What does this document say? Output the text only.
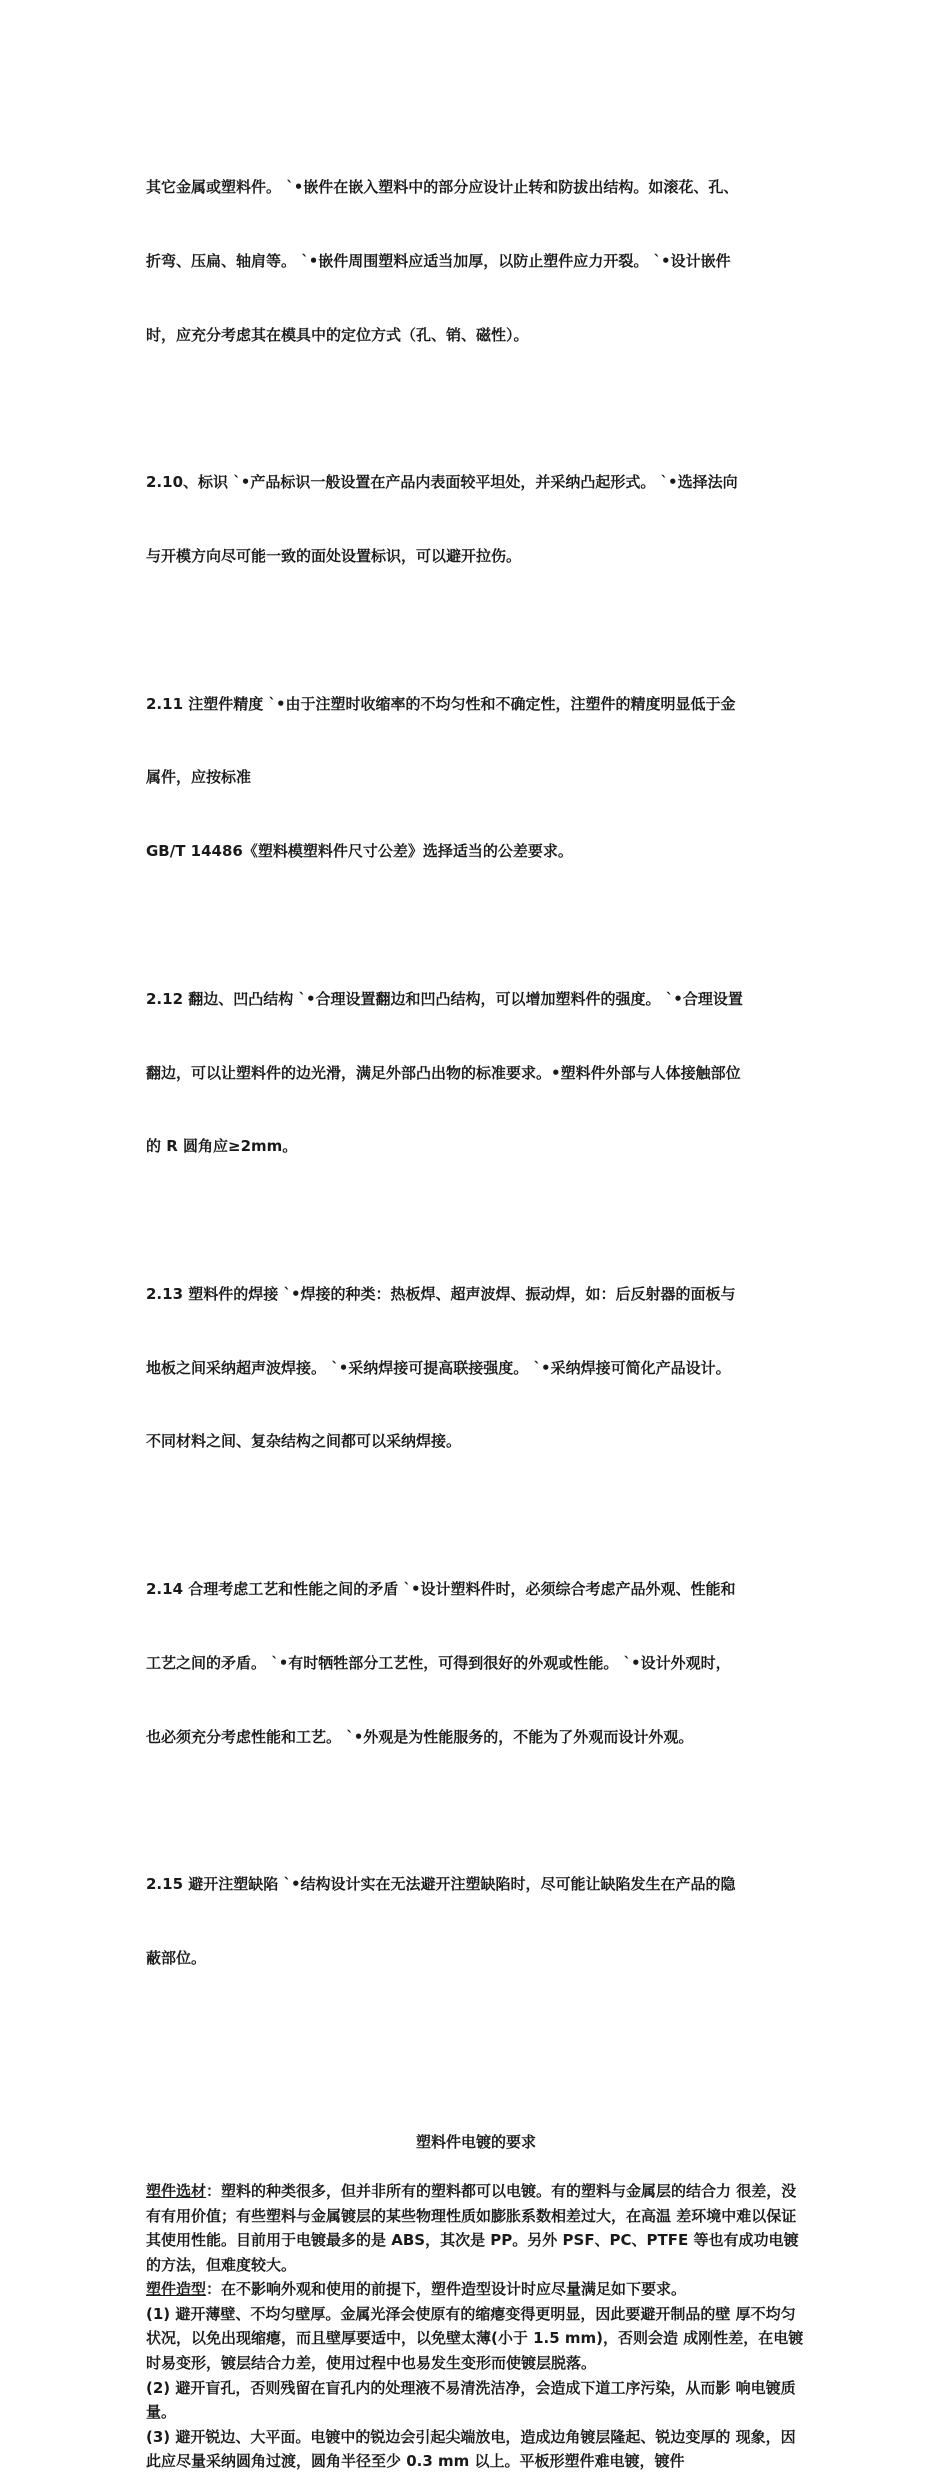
其它金属或塑料件。 `•嵌件在嵌入塑料中的部分应设计止转和防拔出结构。如滚花、孔、

折弯、压扁、轴肩等。 `•嵌件周围塑料应适当加厚，以防止塑件应力开裂。 `•设计嵌件

时，应充分考虑其在模具中的定位方式（孔、销、磁性）。

2.10、标识 `•产品标识一般设置在产品内表面较平坦处，并采纳凸起形式。 `•选择法向

与开模方向尽可能一致的面处设置标识，可以避开拉伤。

2.11 注塑件精度 `•由于注塑时收缩率的不均匀性和不确定性，注塑件的精度明显低于金

属件，应按标准

GB/T 14486《塑料模塑料件尺寸公差》选择适当的公差要求。

2.12 翻边、凹凸结构 `•合理设置翻边和凹凸结构，可以增加塑料件的强度。 `•合理设置

翻边，可以让塑料件的边光滑，满足外部凸出物的标准要求。•塑料件外部与人体接触部位

的 R 圆角应≥2mm。

2.13 塑料件的焊接 `•焊接的种类：热板焊、超声波焊、振动焊，如：后反射器的面板与

地板之间采纳超声波焊接。 `•采纳焊接可提高联接强度。 `•采纳焊接可简化产品设计。

不同材料之间、复杂结构之间都可以采纳焊接。

2.14 合理考虑工艺和性能之间的矛盾 `•设计塑料件时，必须综合考虑产品外观、性能和

工艺之间的矛盾。 `•有时牺牲部分工艺性，可得到很好的外观或性能。 `•设计外观时，

也必须充分考虑性能和工艺。 `•外观是为性能服务的，不能为了外观而设计外观。

2.15 避开注塑缺陷 `•结构设计实在无法避开注塑缺陷时，尽可能让缺陷发生在产品的隐

蔽部位。

塑料件电镀的要求
塑件选材：塑料的种类很多，但并非所有的塑料都可以电镀。有的塑料与金属层的结合力 很差，没有有用价值；有些塑料与金属镀层的某些物理性质如膨胀系数相差过大，在高温 差环境中难以保证其使用性能。目前用于电镀最多的是 ABS，其次是 PP。另外 PSF、PC、PTFE 等也有成功电镀的方法，但难度较大。
塑件造型：在不影响外观和使用的前提下，塑件造型设计时应尽量满足如下要求。
(1) 避开薄壁、不均匀壁厚。金属光泽会使原有的缩瘪变得更明显，因此要避开制品的壁 厚不均匀状况，以免出现缩瘪，而且壁厚要适中，以免壁太薄(小于 1.5 mm)，否则会造 成刚性差，在电镀时易变形，镀层结合力差，使用过程中也易发生变形而使镀层脱落。
(2) 避开盲孔，否则残留在盲孔内的处理液不易清洗洁净，会造成下道工序污染，从而影 响电镀质量。
(3) 避开锐边、大平面。电镀中的锐边会引起尖端放电，造成边角镀层隆起、锐边变厚的 现象，因此应尽量采纳圆角过渡，圆角半径至少 0.3 mm 以上。平板形塑件难电镀，镀件
